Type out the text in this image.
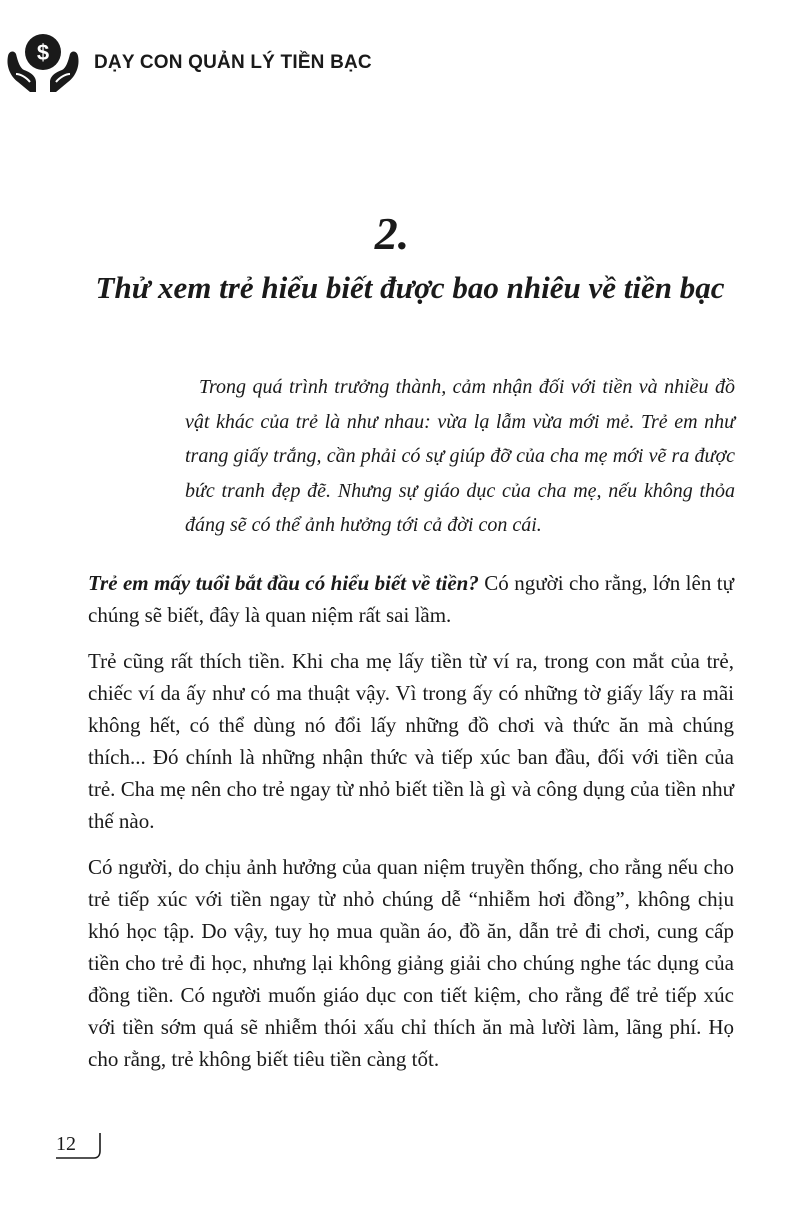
$ DẠY CON QUẢN LÝ TIỀN BẠC
2.
Thử xem trẻ hiểu biết được bao nhiêu về tiền bạc

Trong quá trình trưởng thành, cảm nhận đối với tiền và nhiều đồ vật khác của trẻ là như nhau: vừa lạ lẫm vừa mới mẻ. Trẻ em như trang giấy trắng, cần phải có sự giúp đỡ của cha mẹ mới vẽ ra được bức tranh đẹp đẽ. Nhưng sự giáo dục của cha mẹ, nếu không thỏa đáng sẽ có thể ảnh hưởng tới cả đời con cái.

Trẻ em mấy tuổi bắt đầu có hiểu biết về tiền? Có người cho rằng, lớn lên tự chúng sẽ biết, đây là quan niệm rất sai lầm.

Trẻ cũng rất thích tiền. Khi cha mẹ lấy tiền từ ví ra, trong con mắt của trẻ, chiếc ví da ấy như có ma thuật vậy. Vì trong ấy có những tờ giấy lấy ra mãi không hết, có thể dùng nó đổi lấy những đồ chơi và thức ăn mà chúng thích... Đó chính là những nhận thức và tiếp xúc ban đầu, đối với tiền của trẻ. Cha mẹ nên cho trẻ ngay từ nhỏ biết tiền là gì và công dụng của tiền như thế nào.

Có người, do chịu ảnh hưởng của quan niệm truyền thống, cho rằng nếu cho trẻ tiếp xúc với tiền ngay từ nhỏ chúng dễ “nhiễm hơi đồng”, không chịu khó học tập. Do vậy, tuy họ mua quần áo, đồ ăn, dẫn trẻ đi chơi, cung cấp tiền cho trẻ đi học, nhưng lại không giảng giải cho chúng nghe tác dụng của đồng tiền. Có người muốn giáo dục con tiết kiệm, cho rằng để trẻ tiếp xúc với tiền sớm quá sẽ nhiễm thói xấu chỉ thích ăn mà lười làm, lãng phí. Họ cho rằng, trẻ không biết tiêu tiền càng tốt.

12
